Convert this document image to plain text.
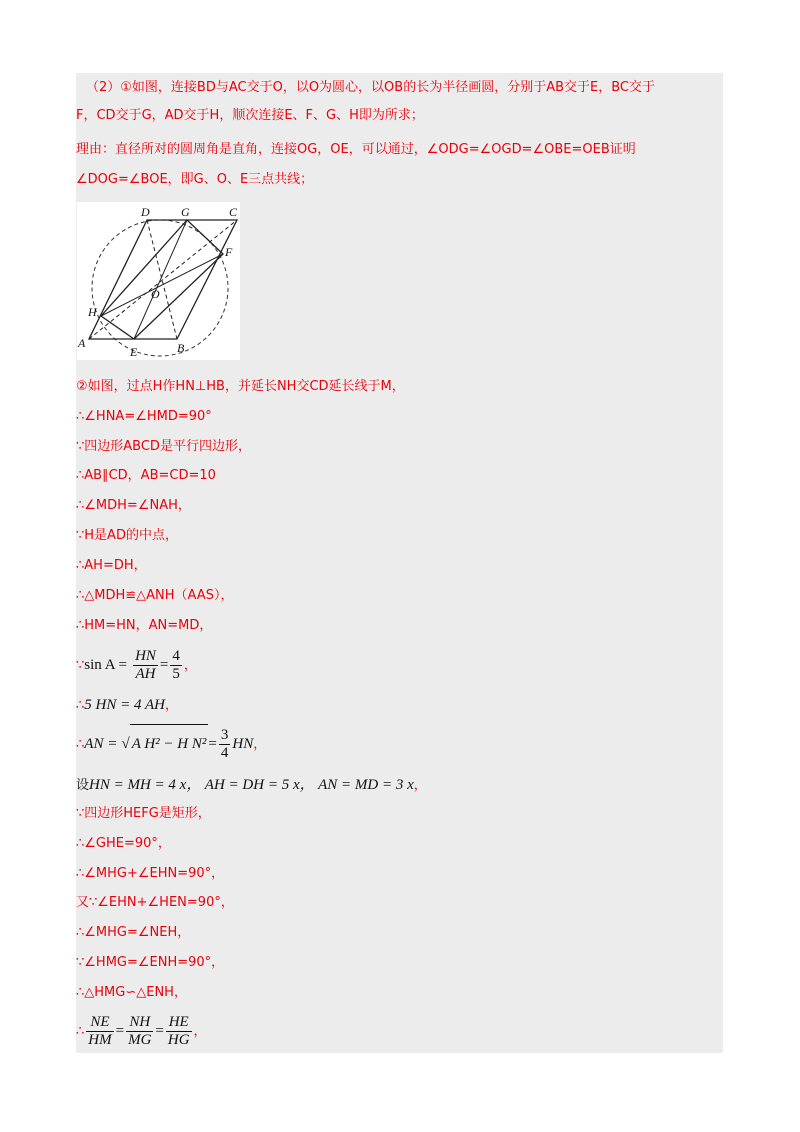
（2）①如图，连接BD与AC交于O，以O为圆心，以OB的长为半径画圆，分别于AB交于E，BC交于
F，CD交于G，AD交于H，顺次连接E、F、G、H即为所求；
理由：直径所对的圆周角是直角，连接OG，OE，可以通过，∠ODG=∠OGD=∠OBE=OEB证明
∠DOG=∠BOE，即G、O、E三点共线；
A	B
C
D
E
F
G
H
O
②如图，过点H作HN⊥HB，并延长NH交CD延长线于M，
∴∠HNA=∠HMD=90°
∵四边形ABCD是平行四边形，
∴AB∥CD，AB=CD=10
∴∠MDH=∠NAH，
∵H是AD的中点，
∴AH=DH，
∴△MDH≌△ANH（AAS），
∴HM=HN，AN=MD，
∵sin $A = \frac{HN}{AH} = \frac{4}{5}$ ，
∴5 HN = 4 AH，
∴AN = √ A H² − H $N^2 = \frac{3}{4}$ HN，
设HN = MH = 4 x， AH = DH = 5 x， AN = MD = 3 x，
∵四边形HEFG是矩形，
∴∠GHE=90°，
∴∠MHG+∠EHN=90°，
又∵∠EHN+∠HEN=90°，
∴∠MHG=∠NEH，
∵∠HMG=∠ENH=90°，
∴△HMG∽△ENH，
∴ $\frac{NE}{HM} = \frac{NH}{MG} = \frac{HE}{HG}$ ，
